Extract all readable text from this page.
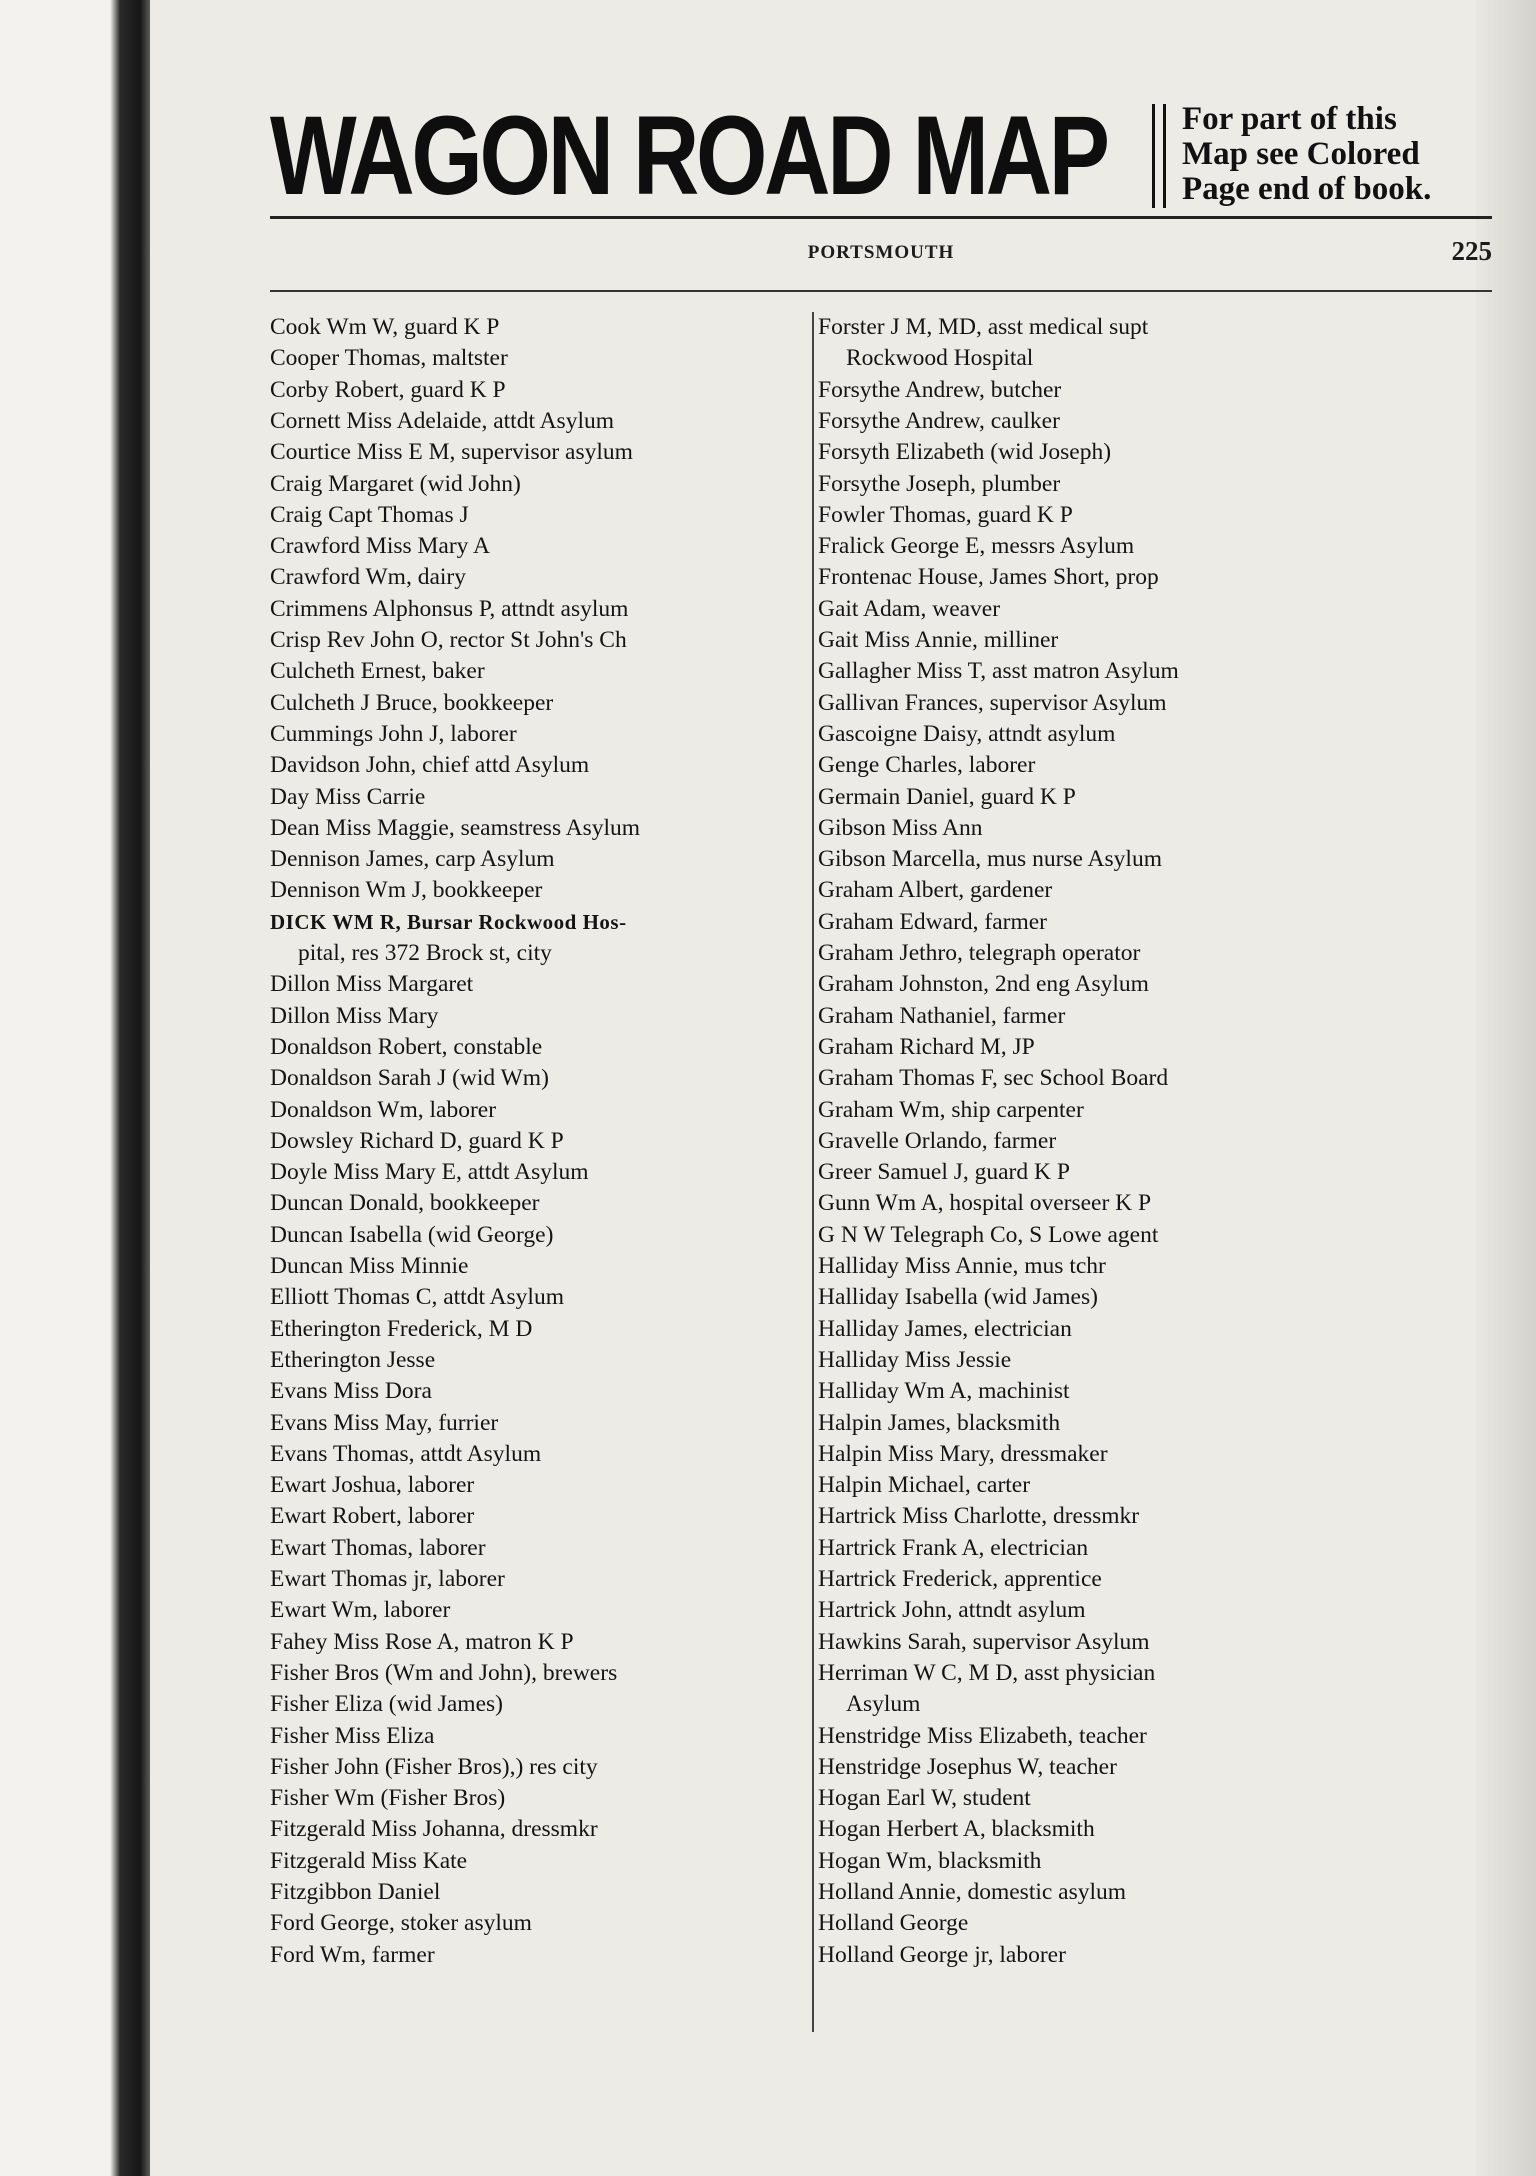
WAGON ROAD MAP For part of this
Map see Colored
Page end of book.
PORTSMOUTH	225
Cook Wm W, guard K P
Cooper Thomas, maltster
Corby Robert, guard K P
Cornett Miss Adelaide, attdt Asylum
Courtice Miss E M, supervisor asylum
Craig Margaret (wid John)
Craig Capt Thomas J
Crawford Miss Mary A
Crawford Wm, dairy
Crimmens Alphonsus P, attndt asylum
Crisp Rev John O, rector St John's Ch
Culcheth Ernest, baker
Culcheth J Bruce, bookkeeper
Cummings John J, laborer
Davidson John, chief attd Asylum
Day Miss Carrie
Dean Miss Maggie, seamstress Asylum
Dennison James, carp Asylum
Dennison Wm J, bookkeeper
DICK WM R, Bursar Rockwood Hos-
pital, res 372 Brock st, city
Dillon Miss Margaret
Dillon Miss Mary
Donaldson Robert, constable
Donaldson Sarah J (wid Wm)
Donaldson Wm, laborer
Dowsley Richard D, guard K P
Doyle Miss Mary E, attdt Asylum
Duncan Donald, bookkeeper
Duncan Isabella (wid George)
Duncan Miss Minnie
Elliott Thomas C, attdt Asylum
Etherington Frederick, M D
Etherington Jesse
Evans Miss Dora
Evans Miss May, furrier
Evans Thomas, attdt Asylum
Ewart Joshua, laborer
Ewart Robert, laborer
Ewart Thomas, laborer
Ewart Thomas jr, laborer
Ewart Wm, laborer
Fahey Miss Rose A, matron K P
Fisher Bros (Wm and John), brewers
Fisher Eliza (wid James)
Fisher Miss Eliza
Fisher John (Fisher Bros),) res city
Fisher Wm (Fisher Bros)
Fitzgerald Miss Johanna, dressmkr
Fitzgerald Miss Kate
Fitzgibbon Daniel
Ford George, stoker asylum
Ford Wm, farmer
Forster J M, MD, asst medical supt
Rockwood Hospital
Forsythe Andrew, butcher
Forsythe Andrew, caulker
Forsyth Elizabeth (wid Joseph)
Forsythe Joseph, plumber
Fowler Thomas, guard K P
Fralick George E, messrs Asylum
Frontenac House, James Short, prop
Gait Adam, weaver
Gait Miss Annie, milliner
Gallagher Miss T, asst matron Asylum
Gallivan Frances, supervisor Asylum
Gascoigne Daisy, attndt asylum
Genge Charles, laborer
Germain Daniel, guard K P
Gibson Miss Ann
Gibson Marcella, mus nurse Asylum
Graham Albert, gardener
Graham Edward, farmer
Graham Jethro, telegraph operator
Graham Johnston, 2nd eng Asylum
Graham Nathaniel, farmer
Graham Richard M, JP
Graham Thomas F, sec School Board
Graham Wm, ship carpenter
Gravelle Orlando, farmer
Greer Samuel J, guard K P
Gunn Wm A, hospital overseer K P
G N W Telegraph Co, S Lowe agent
Halliday Miss Annie, mus tchr
Halliday Isabella (wid James)
Halliday James, electrician
Halliday Miss Jessie
Halliday Wm A, machinist
Halpin James, blacksmith
Halpin Miss Mary, dressmaker
Halpin Michael, carter
Hartrick Miss Charlotte, dressmkr
Hartrick Frank A, electrician
Hartrick Frederick, apprentice
Hartrick John, attndt asylum
Hawkins Sarah, supervisor Asylum
Herriman W C, M D, asst physician
Asylum
Henstridge Miss Elizabeth, teacher
Henstridge Josephus W, teacher
Hogan Earl W, student
Hogan Herbert A, blacksmith
Hogan Wm, blacksmith
Holland Annie, domestic asylum
Holland George
Holland George jr, laborer
